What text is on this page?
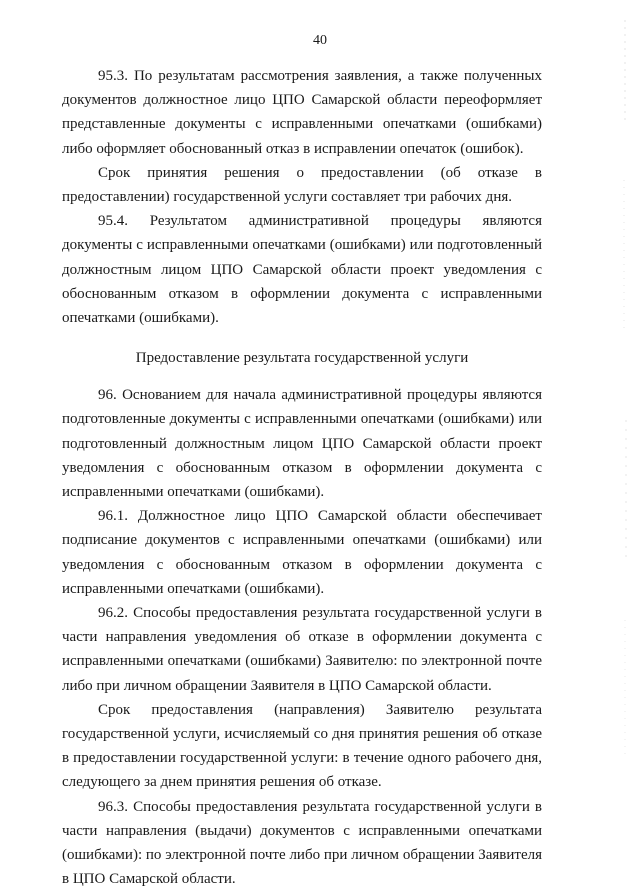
40

95.3. По результатам рассмотрения заявления, а также полученных документов должностное лицо ЦПО Самарской области переоформляет представленные документы с исправленными опечатками (ошибками) либо оформляет обоснованный отказ в исправлении опечаток (ошибок).

Срок принятия решения о предоставлении (об отказе в предоставлении) государственной услуги составляет три рабочих дня.

95.4. Результатом административной процедуры являются документы с исправленными опечатками (ошибками) или подготовленный должностным лицом ЦПО Самарской области проект уведомления с обоснованным отказом в оформлении документа с исправленными опечатками (ошибками).

Предоставление результата государственной услуги

96. Основанием для начала административной процедуры являются подготовленные документы с исправленными опечатками (ошибками) или подготовленный должностным лицом ЦПО Самарской области проект уведомления с обоснованным отказом в оформлении документа с исправленными опечатками (ошибками).

96.1. Должностное лицо ЦПО Самарской области обеспечивает подписание документов с исправленными опечатками (ошибками) или уведомления с обоснованным отказом в оформлении документа с исправленными опечатками (ошибками).

96.2. Способы предоставления результата государственной услуги в части направления уведомления об отказе в оформлении документа с исправленными опечатками (ошибками) Заявителю: по электронной почте либо при личном обращении Заявителя в ЦПО Самарской области.

Срок предоставления (направления) Заявителю результата государственной услуги, исчисляемый со дня принятия решения об отказе в предоставлении государственной услуги: в течение одного рабочего дня, следующего за днем принятия решения об отказе.

96.3. Способы предоставления результата государственной услуги в части направления (выдачи) документов с исправленными опечатками (ошибками): по электронной почте либо при личном обращении Заявителя в ЦПО Самарской области.
